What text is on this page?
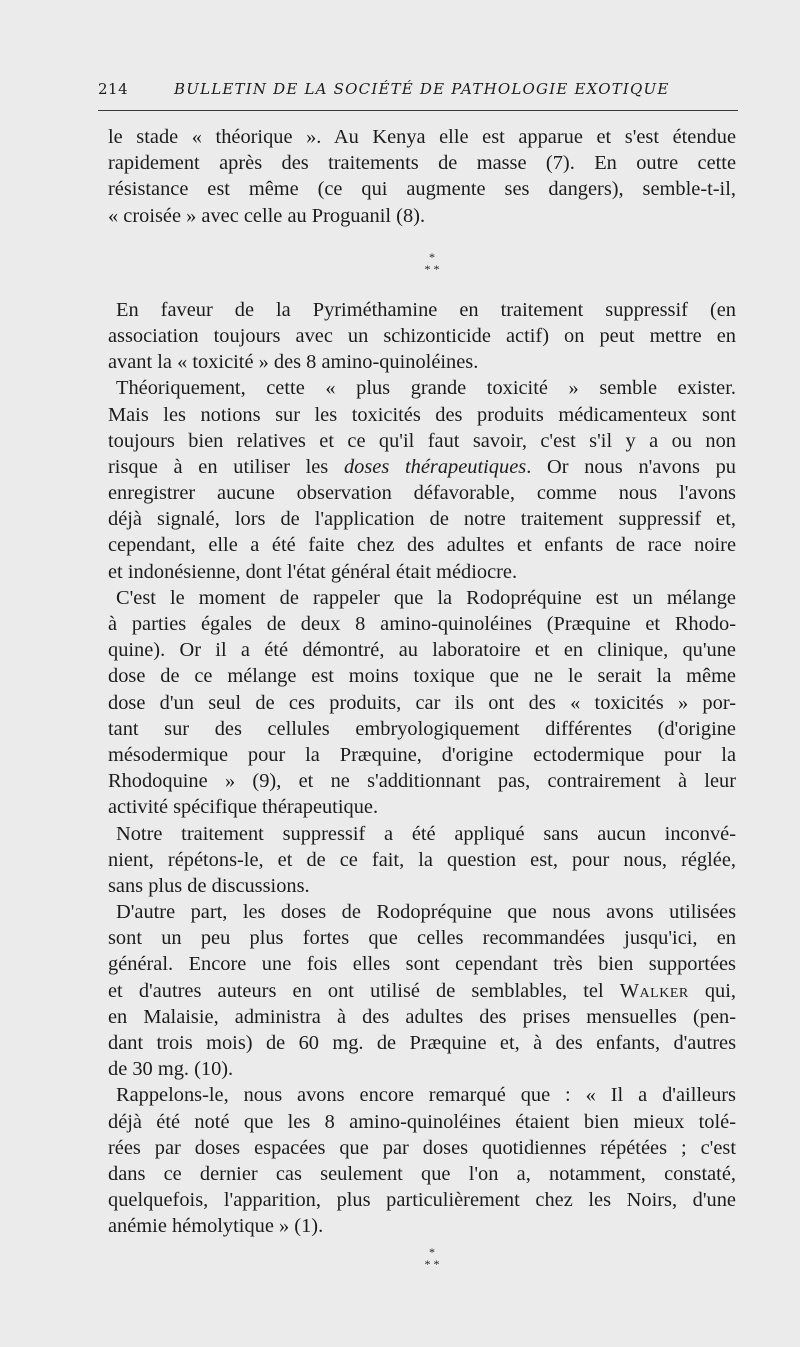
214	BULLETIN DE LA SOCIÉTÉ DE PATHOLOGIE EXOTIQUE
le stade « théorique ». Au Kenya elle est apparue et s'est étendue
rapidement après des traitements de masse (7). En outre cette
résistance est même (ce qui augmente ses dangers), semble-t-il,
« croisée » avec celle au Proguanil (8).
*
* *
En faveur de la Pyriméthamine en traitement suppressif (en
association toujours avec un schizonticide actif) on peut mettre en
avant la « toxicité » des 8 amino-quinoléines.
Théoriquement, cette « plus grande toxicité » semble exister.
Mais les notions sur les toxicités des produits médicamenteux sont
toujours bien relatives et ce qu'il faut savoir, c'est s'il y a ou non
risque à en utiliser les doses thérapeutiques. Or nous n'avons pu
enregistrer aucune observation défavorable, comme nous l'avons
déjà signalé, lors de l'application de notre traitement suppressif et,
cependant, elle a été faite chez des adultes et enfants de race noire
et indonésienne, dont l'état général était médiocre.
C'est le moment de rappeler que la Rodopréquine est un mélange
à parties égales de deux 8 amino-quinoléines (Præquine et Rhodo-
quine). Or il a été démontré, au laboratoire et en clinique, qu'une
dose de ce mélange est moins toxique que ne le serait la même
dose d'un seul de ces produits, car ils ont des « toxicités » por-
tant sur des cellules embryologiquement différentes (d'origine
mésodermique pour la Præquine, d'origine ectodermique pour la
Rhodoquine » (9), et ne s'additionnant pas, contrairement à leur
activité spécifique thérapeutique.
Notre traitement suppressif a été appliqué sans aucun inconvé-
nient, répétons-le, et de ce fait, la question est, pour nous, réglée,
sans plus de discussions.
D'autre part, les doses de Rodopréquine que nous avons utilisées
sont un peu plus fortes que celles recommandées jusqu'ici, en
général. Encore une fois elles sont cependant très bien supportées
et d'autres auteurs en ont utilisé de semblables, tel Walker qui,
en Malaisie, administra à des adultes des prises mensuelles (pen-
dant trois mois) de 60 mg. de Præquine et, à des enfants, d'autres
de 30 mg. (10).
Rappelons-le, nous avons encore remarqué que : « Il a d'ailleurs
déjà été noté que les 8 amino-quinoléines étaient bien mieux tolé-
rées par doses espacées que par doses quotidiennes répétées ; c'est
dans ce dernier cas seulement que l'on a, notamment, constaté,
quelquefois, l'apparition, plus particulièrement chez les Noirs, d'une
anémie hémolytique » (1).
*
* *
